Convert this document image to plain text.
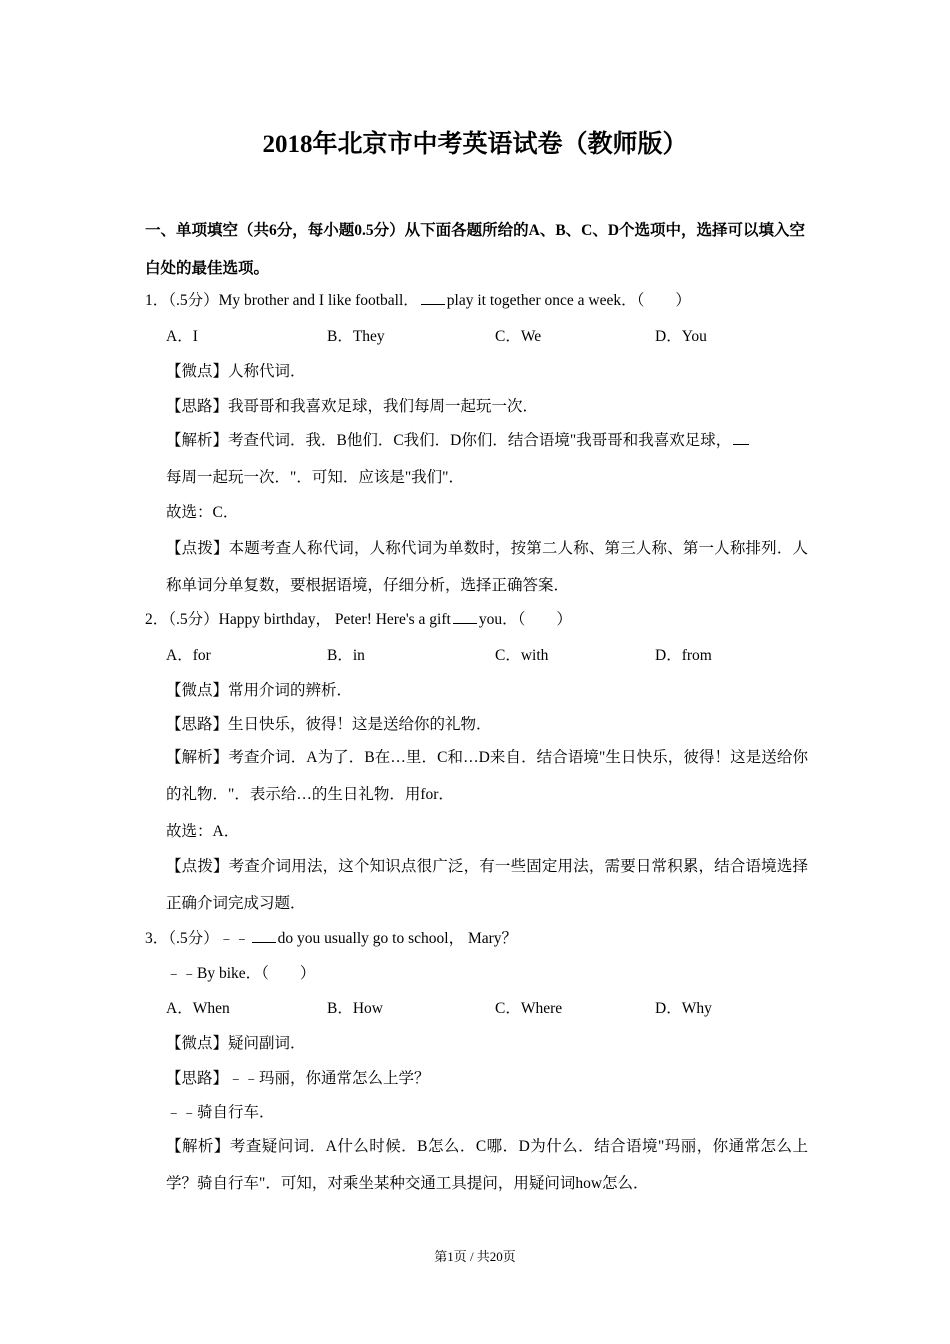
2018年北京市中考英语试卷（教师版）
一、单项填空（共6分，每小题0.5分）从下面各题所给的A、B、C、D个选项中，选择可以填入空白处的最佳选项。
1．（.5分）My brother and I like football． play it together once a week．（　　）
A．I	B．They	C．We	D．You
【微点】人称代词．
【思路】我哥哥和我喜欢足球，我们每周一起玩一次．
【解析】考查代词．我．B他们．C我们．D你们．结合语境"我哥哥和我喜欢足球，
每周一起玩一次．"．可知．应该是"我们"．
故选：C．
【点拨】本题考查人称代词，人称代词为单数时，按第二人称、第三人称、第一人称排列．人称单词分单复数，要根据语境，仔细分析，选择正确答案．
2．（.5分）Happy birthday， Peter! Here's a gift you．（　　）
A．for	B．in	C．with	D．from
【微点】常用介词的辨析．
【思路】生日快乐，彼得！这是送给你的礼物．
【解析】考查介词．A为了．B在…里．C和…D来自．结合语境"生日快乐，彼得！这是送给你的礼物．"．表示给…的生日礼物．用for．
故选：A．
【点拨】考查介词用法，这个知识点很广泛，有一些固定用法，需要日常积累，结合语境选择正确介词完成习题．
3．（.5分）﹣﹣ do you usually go to school， Mary？
﹣﹣By bike．（　　）
A．When	B．How	C．Where	D．Why
【微点】疑问副词．
【思路】﹣﹣玛丽，你通常怎么上学？
﹣﹣骑自行车．
【解析】考查疑问词．A什么时候．B怎么．C哪．D为什么．结合语境"玛丽，你通常怎么上学？骑自行车"．可知，对乘坐某种交通工具提问，用疑问词how怎么．
第1页 / 共20页
